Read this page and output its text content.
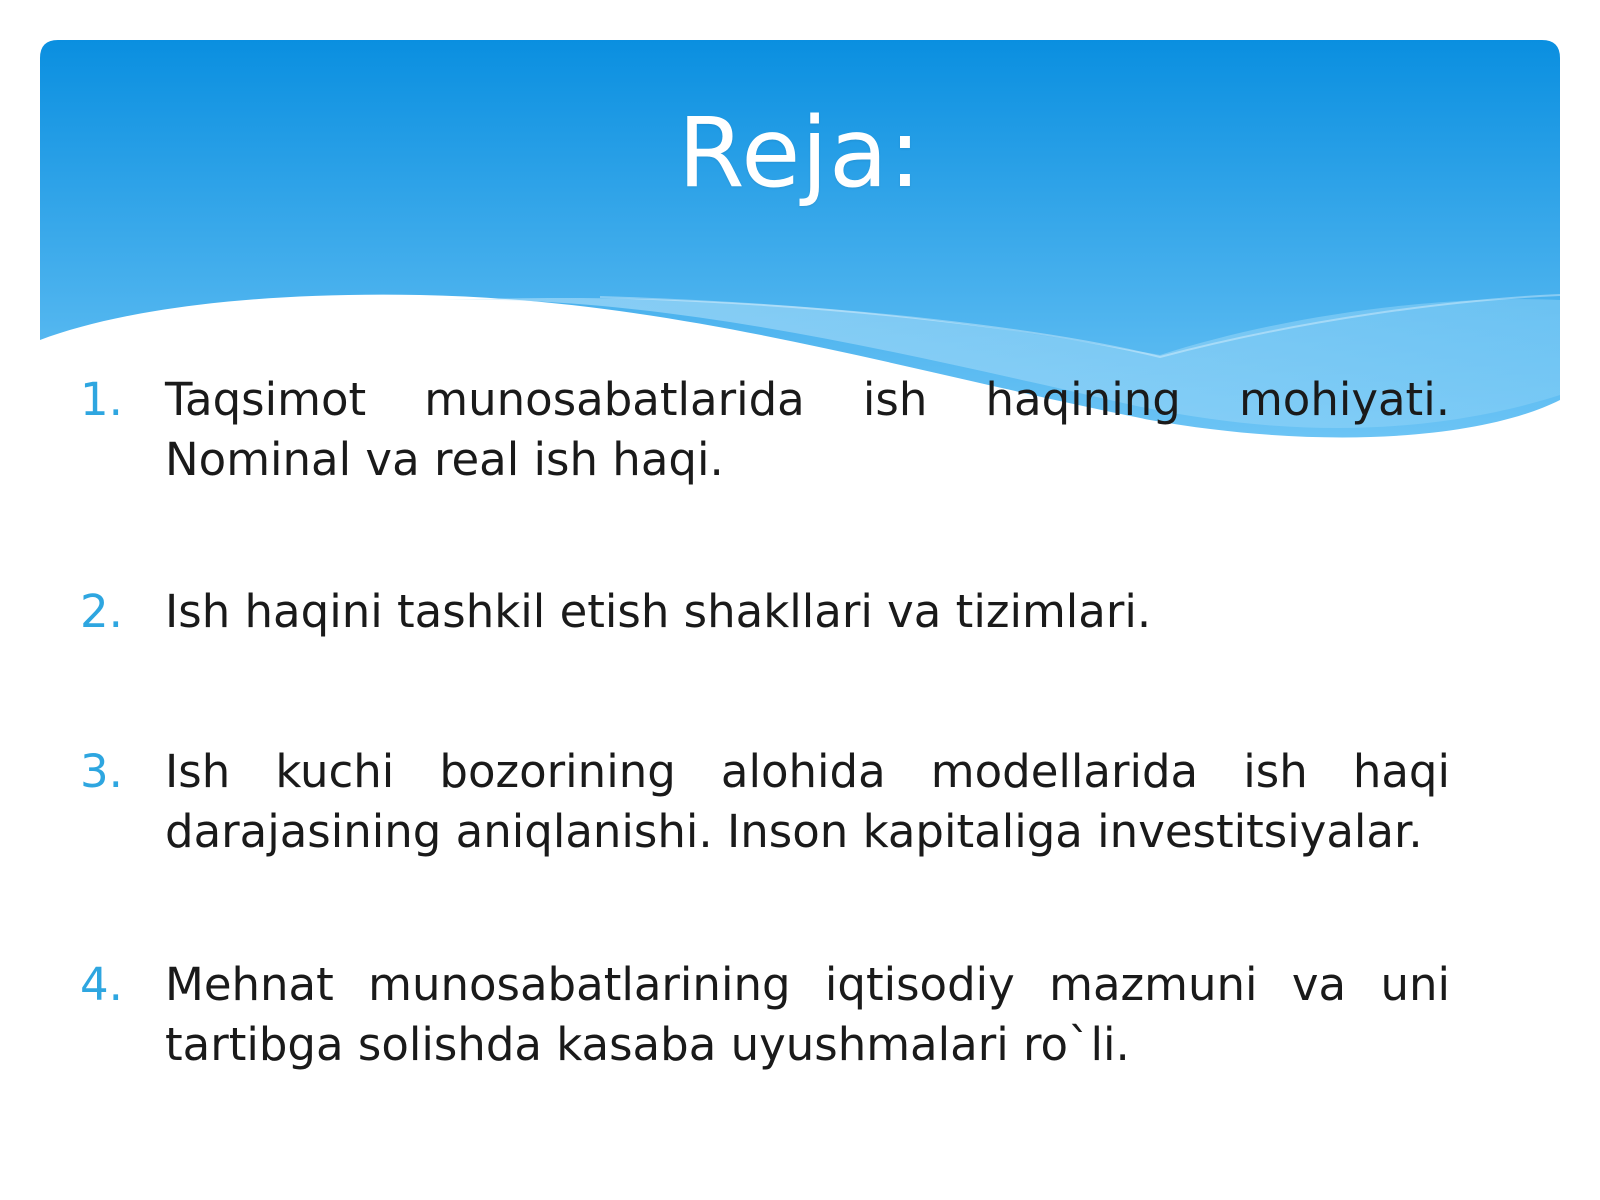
Reja:
1. Taqsimot munosabatlarida ish haqining mohiyati. Nominal va real ish haqi.
2. Ish haqini tashkil etish shakllari va tizimlari.
3. Ish kuchi bozorining alohida modellarida ish haqi darajasining aniqlanishi. Inson kapitaliga investitsiyalar.
4. Mehnat munosabatlarining iqtisodiy mazmuni va uni tartibga solishda kasaba uyushmalari ro`li.
